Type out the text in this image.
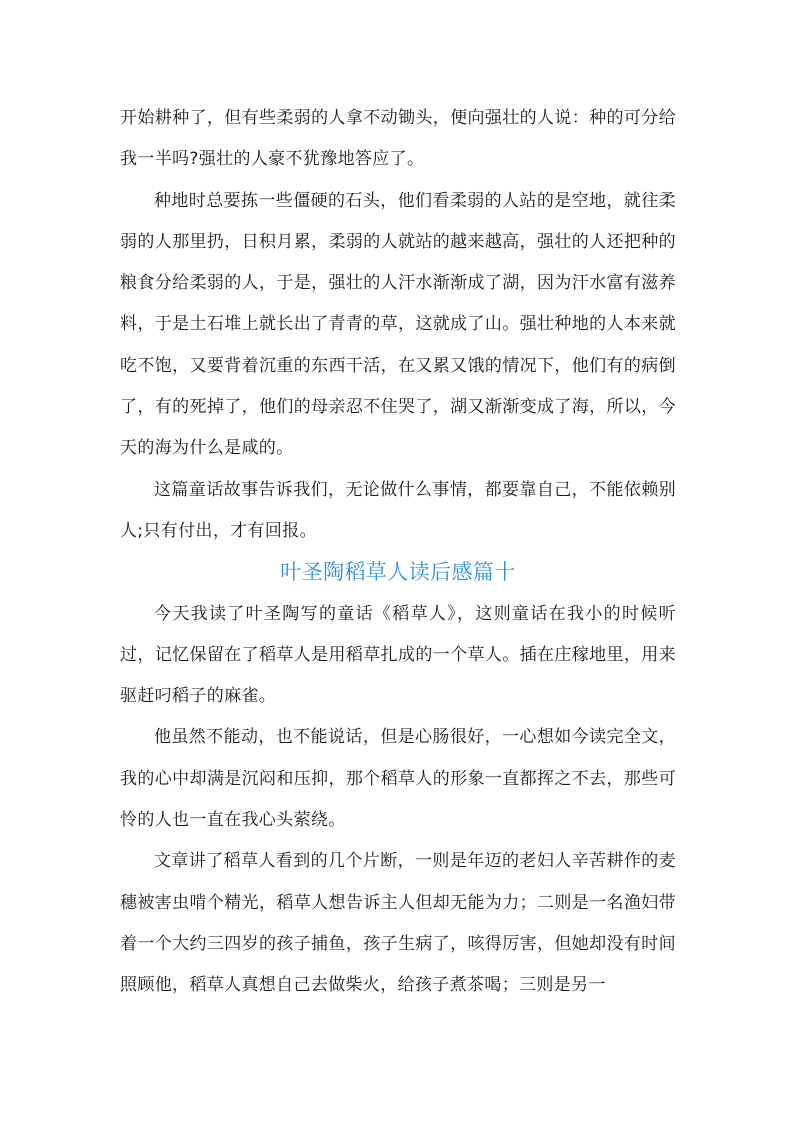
开始耕种了，但有些柔弱的人拿不动锄头，便向强壮的人说：种的可分给我一半吗?强壮的人豪不犹豫地答应了。

种地时总要拣一些僵硬的石头，他们看柔弱的人站的是空地，就往柔弱的人那里扔，日积月累，柔弱的人就站的越来越高，强壮的人还把种的粮食分给柔弱的人，于是，强壮的人汗水渐渐成了湖，因为汗水富有滋养料，于是土石堆上就长出了青青的草，这就成了山。强壮种地的人本来就吃不饱，又要背着沉重的东西干活，在又累又饿的情况下，他们有的病倒了，有的死掉了，他们的母亲忍不住哭了，湖又渐渐变成了海，所以，今天的海为什么是咸的。

这篇童话故事告诉我们，无论做什么事情，都要靠自己，不能依赖别人;只有付出，才有回报。

叶圣陶稻草人读后感篇十

今天我读了叶圣陶写的童话《稻草人》，这则童话在我小的时候听过，记忆保留在了稻草人是用稻草扎成的一个草人。插在庄稼地里，用来驱赶叼稻子的麻雀。

他虽然不能动，也不能说话，但是心肠很好，一心想如今读完全文，我的心中却满是沉闷和压抑，那个稻草人的形象一直都挥之不去，那些可怜的人也一直在我心头萦绕。

文章讲了稻草人看到的几个片断，一则是年迈的老妇人辛苦耕作的麦穗被害虫啃个精光，稻草人想告诉主人但却无能为力；二则是一名渔妇带着一个大约三四岁的孩子捕鱼，孩子生病了，咳得厉害，但她却没有时间照顾他，稻草人真想自己去做柴火，给孩子煮茶喝；三则是另一
